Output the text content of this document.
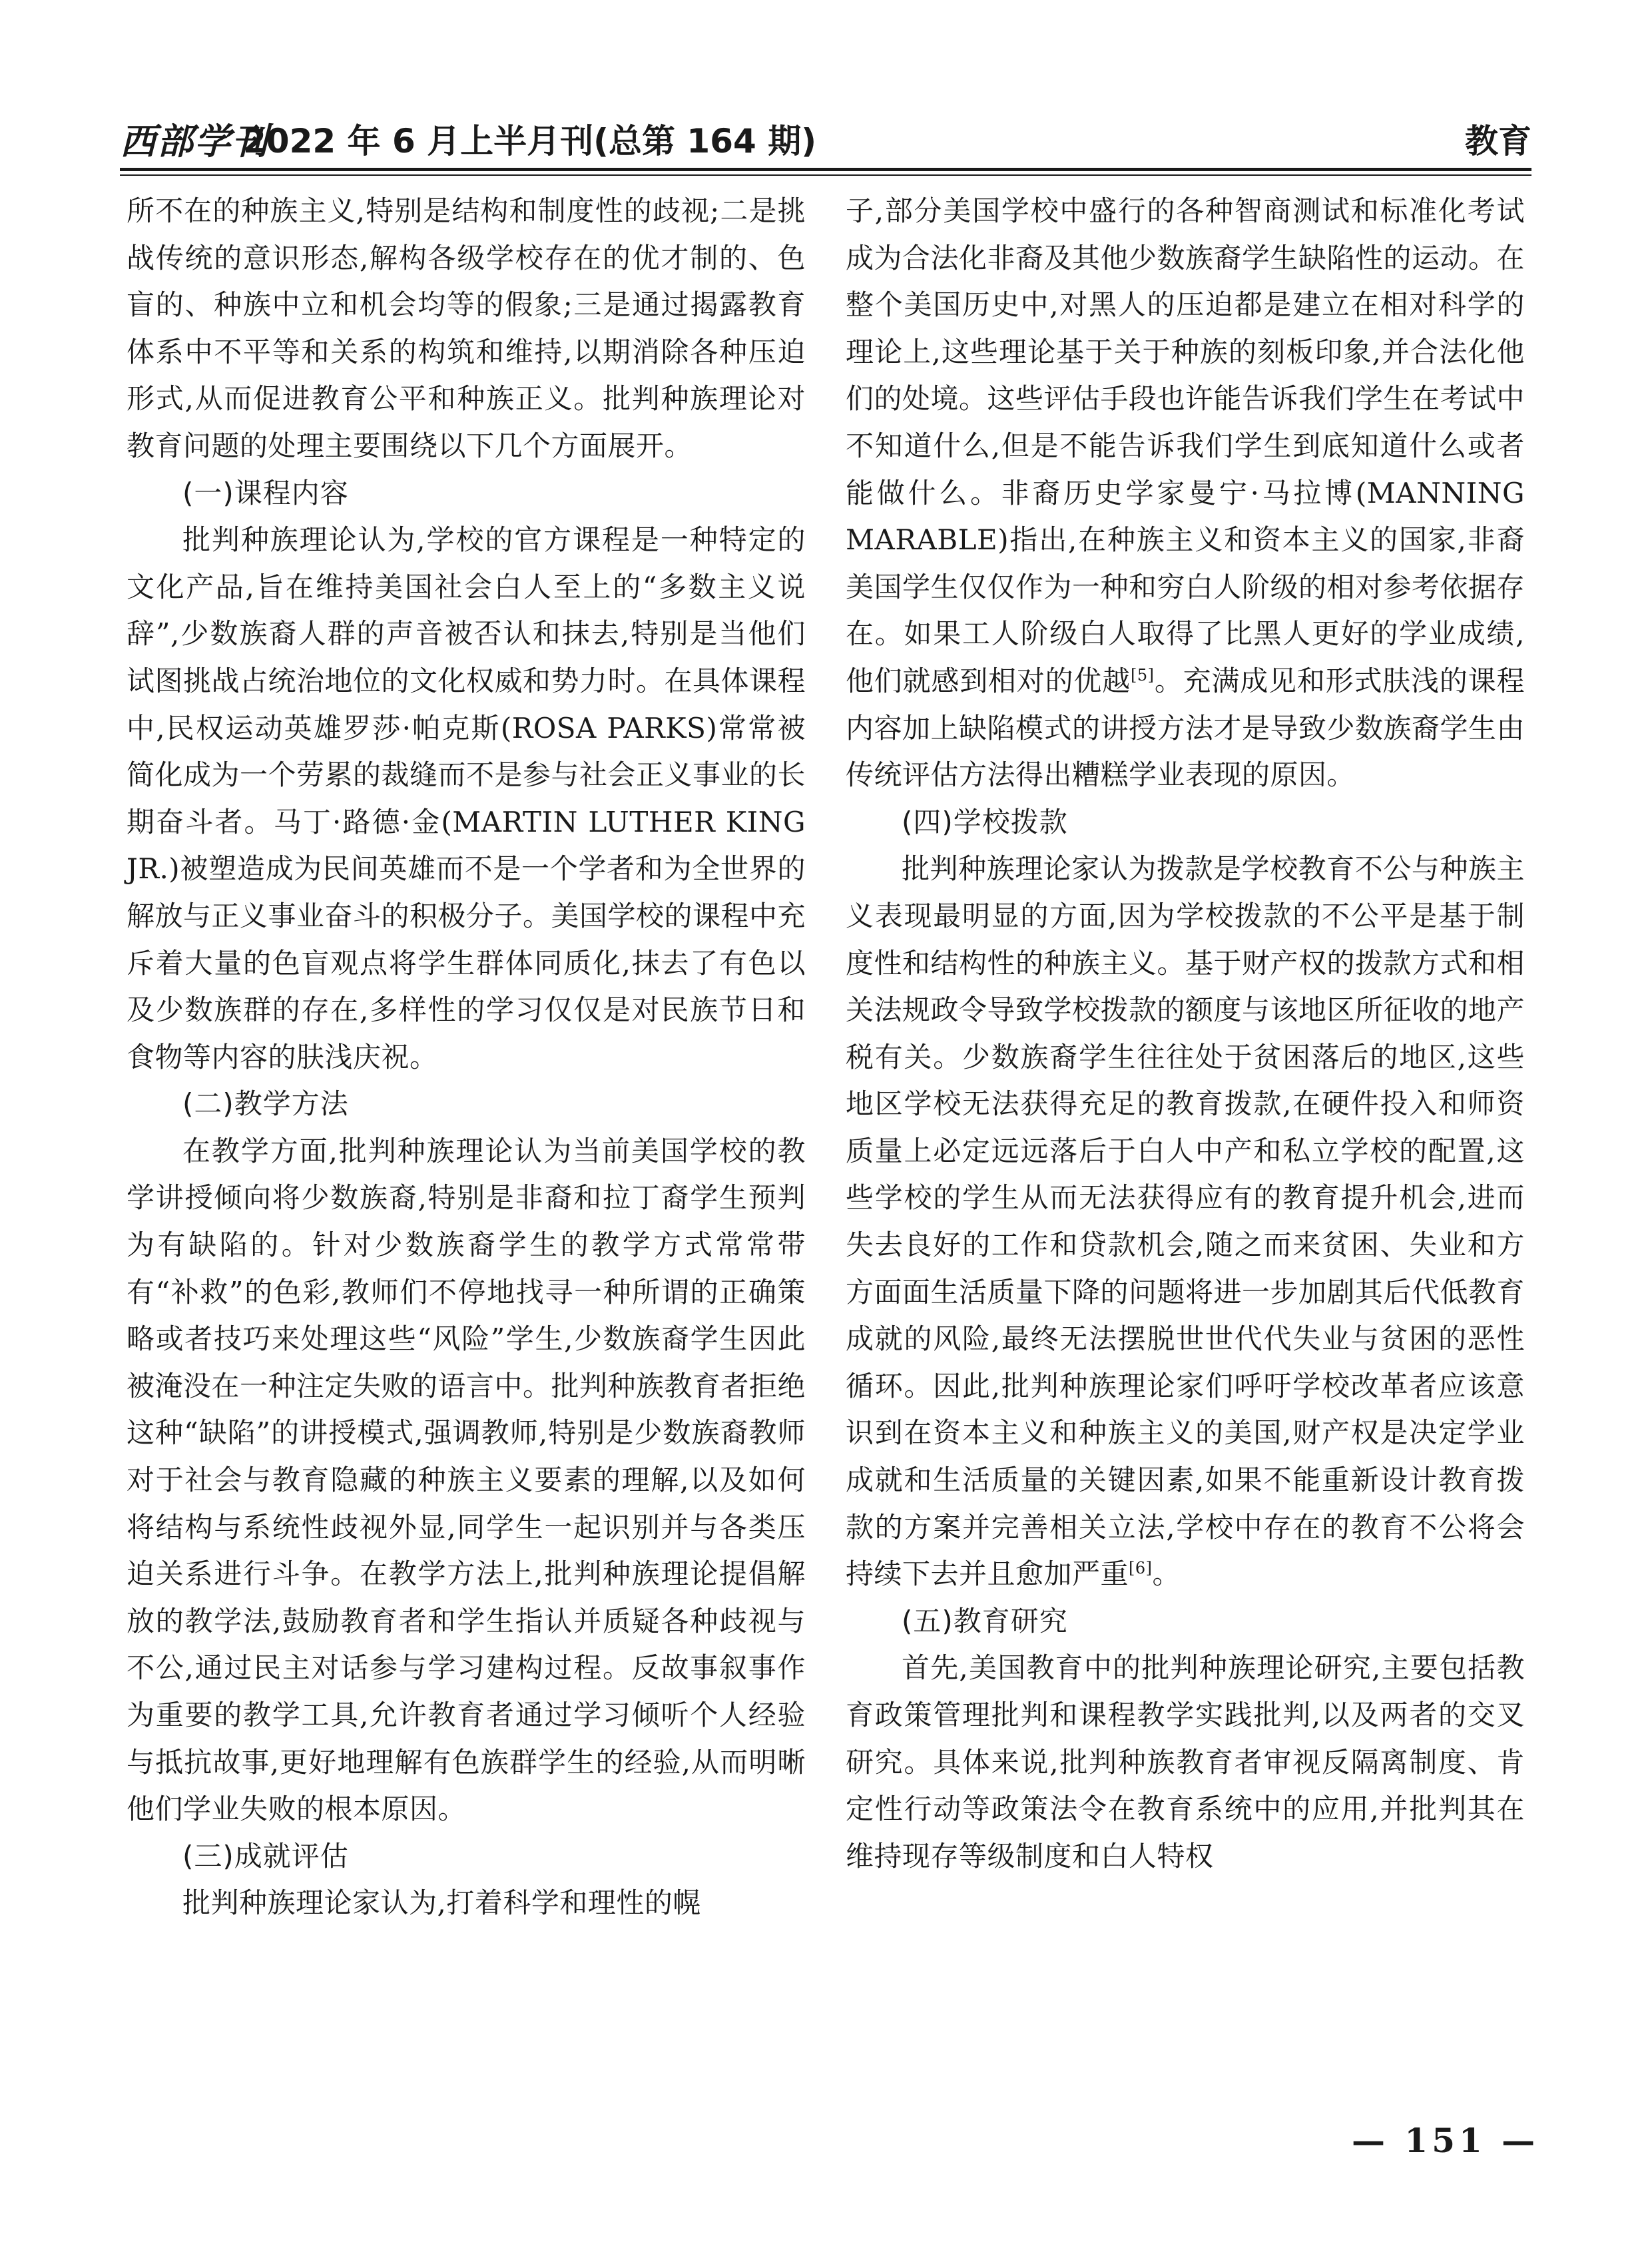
西部学刊
2022 年 6 月上半月刊(总第 164 期)	教育

所不在的种族主义,特别是结构和制度性的歧视;二是挑战传统的意识形态,解构各级学校存在的优才制的、色盲的、种族中立和机会均等的假象;三是通过揭露教育体系中不平等和关系的构筑和维持,以期消除各种压迫形式,从而促进教育公平和种族正义。批判种族理论对教育问题的处理主要围绕以下几个方面展开。

(一)课程内容

批判种族理论认为,学校的官方课程是一种特定的文化产品,旨在维持美国社会白人至上的“多数主义说辞”,少数族裔人群的声音被否认和抹去,特别是当他们试图挑战占统治地位的文化权威和势力时。在具体课程中,民权运动英雄罗莎·帕克斯(ROSA PARKS)常常被简化成为一个劳累的裁缝而不是参与社会正义事业的长期奋斗者。马丁·路德·金(MARTIN LUTHER KING JR.)被塑造成为民间英雄而不是一个学者和为全世界的解放与正义事业奋斗的积极分子。美国学校的课程中充斥着大量的色盲观点将学生群体同质化,抹去了有色以及少数族群的存在,多样性的学习仅仅是对民族节日和食物等内容的肤浅庆祝。

(二)教学方法

在教学方面,批判种族理论认为当前美国学校的教学讲授倾向将少数族裔,特别是非裔和拉丁裔学生预判为有缺陷的。针对少数族裔学生的教学方式常常带有“补救”的色彩,教师们不停地找寻一种所谓的正确策略或者技巧来处理这些“风险”学生,少数族裔学生因此被淹没在一种注定失败的语言中。批判种族教育者拒绝这种“缺陷”的讲授模式,强调教师,特别是少数族裔教师对于社会与教育隐藏的种族主义要素的理解,以及如何将结构与系统性歧视外显,同学生一起识别并与各类压迫关系进行斗争。在教学方法上,批判种族理论提倡解放的教学法,鼓励教育者和学生指认并质疑各种歧视与不公,通过民主对话参与学习建构过程。反故事叙事作为重要的教学工具,允许教育者通过学习倾听个人经验与抵抗故事,更好地理解有色族群学生的经验,从而明晰他们学业失败的根本原因。

(三)成就评估

批判种族理论家认为,打着科学和理性的幌

子,部分美国学校中盛行的各种智商测试和标准化考试成为合法化非裔及其他少数族裔学生缺陷性的运动。在整个美国历史中,对黑人的压迫都是建立在相对科学的理论上,这些理论基于关于种族的刻板印象,并合法化他们的处境。这些评估手段也许能告诉我们学生在考试中不知道什么,但是不能告诉我们学生到底知道什么或者能做什么。非裔历史学家曼宁·马拉博(MANNING MARABLE)指出,在种族主义和资本主义的国家,非裔美国学生仅仅作为一种和穷白人阶级的相对参考依据存在。如果工人阶级白人取得了比黑人更好的学业成绩,他们就感到相对的优越[5]。充满成见和形式肤浅的课程内容加上缺陷模式的讲授方法才是导致少数族裔学生由传统评估方法得出糟糕学业表现的原因。

(四)学校拨款

批判种族理论家认为拨款是学校教育不公与种族主义表现最明显的方面,因为学校拨款的不公平是基于制度性和结构性的种族主义。基于财产权的拨款方式和相关法规政令导致学校拨款的额度与该地区所征收的地产税有关。少数族裔学生往往处于贫困落后的地区,这些地区学校无法获得充足的教育拨款,在硬件投入和师资质量上必定远远落后于白人中产和私立学校的配置,这些学校的学生从而无法获得应有的教育提升机会,进而失去良好的工作和贷款机会,随之而来贫困、失业和方方面面生活质量下降的问题将进一步加剧其后代低教育成就的风险,最终无法摆脱世世代代失业与贫困的恶性循环。因此,批判种族理论家们呼吁学校改革者应该意识到在资本主义和种族主义的美国,财产权是决定学业成就和生活质量的关键因素,如果不能重新设计教育拨款的方案并完善相关立法,学校中存在的教育不公将会持续下去并且愈加严重[6]。

(五)教育研究

首先,美国教育中的批判种族理论研究,主要包括教育政策管理批判和课程教学实践批判,以及两者的交叉研究。具体来说,批判种族教育者审视反隔离制度、肯定性行动等政策法令在教育系统中的应用,并批判其在维持现存等级制度和白人特权

— 151 —
